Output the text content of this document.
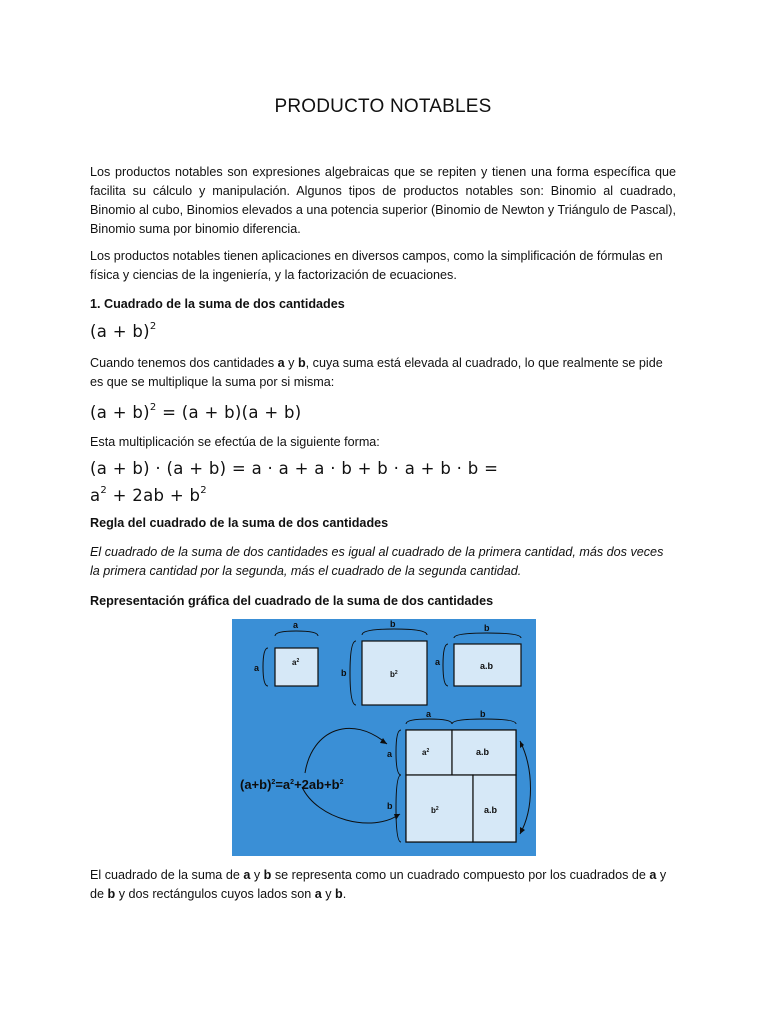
PRODUCTO NOTABLES

Los productos notables son expresiones algebraicas que se repiten y tienen una forma específica que facilita su cálculo y manipulación. Algunos tipos de productos notables son: Binomio al cuadrado, Binomio al cubo, Binomios elevados a una potencia superior (Binomio de Newton y Triángulo de Pascal), Binomio suma por binomio diferencia.

Los productos notables tienen aplicaciones en diversos campos, como la simplificación de fórmulas en física y ciencias de la ingeniería, y la factorización de ecuaciones.

1. Cuadrado de la suma de dos cantidades

$(a + b)^2$

Cuando tenemos dos cantidades a y b, cuya suma está elevada al cuadrado, lo que realmente se pide es que se multiplique la suma por si misma:

$(a + b)^2 = (a + b)(a + b)$

Esta multiplicación se efectúa de la siguiente forma:

(a + b) · (a + b) = a · a + a · b + b · a + b · b =
$a^2 + 2ab + b^2$

Regla del cuadrado de la suma de dos cantidades

El cuadrado de la suma de dos cantidades es igual al cuadrado de la primera cantidad, más dos veces la primera cantidad por la segunda, más el cuadrado de la segunda cantidad.

Representación gráfica del cuadrado de la suma de dos cantidades

a
a
b
b
b
a
a	b
a
b
$a^2$
$b^2$
a.b
$a^2$	a.b
$b^2$	a.b
$(a+b)^2=a^2+2ab+b^2$

El cuadrado de la suma de a y b se representa como un cuadrado compuesto por los cuadrados de a y de b y dos rectángulos cuyos lados son a y b.
